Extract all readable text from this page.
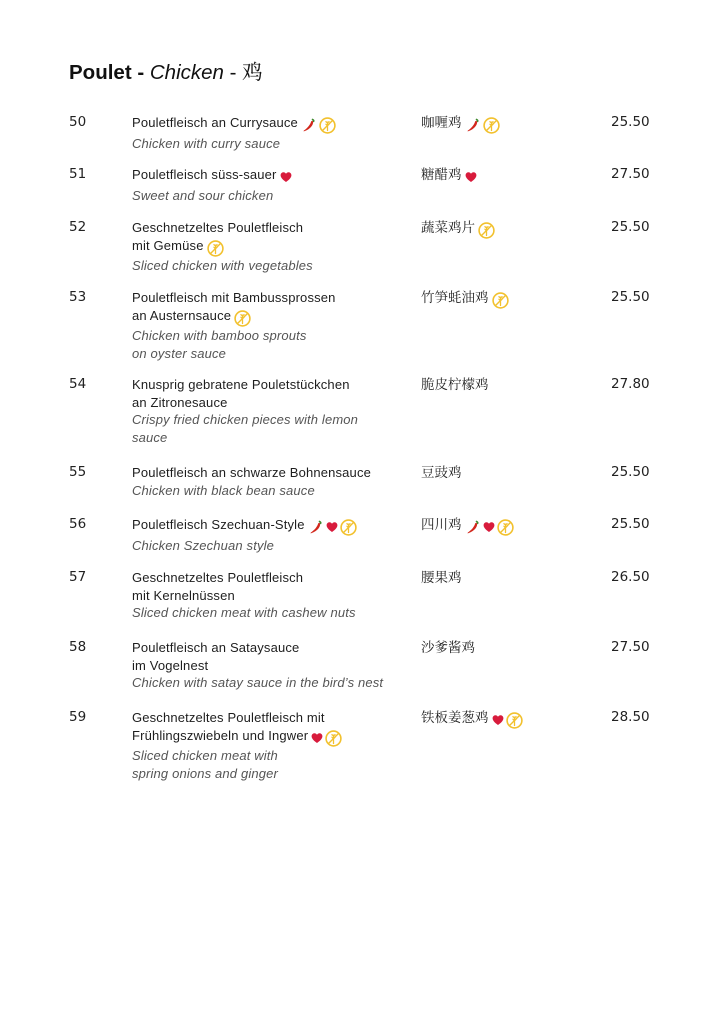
Poulet - Chicken - 鸡
50	Pouletfleisch an Currysauce
Chicken with curry sauce
咖喱鸡	25.50
51	Pouletfleisch süss-sauer
Sweet and sour chicken
糖醋鸡	27.50
52	Geschnetzeltes Pouletfleisch
mit Gemüse
Sliced chicken with vegetables
蔬菜鸡片	25.50
53	Pouletfleisch mit Bambussprossen
an Austernsauce
Chicken with bamboo sprouts
on oyster sauce
竹笋蚝油鸡	25.50
54	Knusprig gebratene Pouletstückchen
an Zitronesauce
Crispy fried chicken pieces with lemon
sauce
脆皮柠檬鸡	27.80
55	Pouletfleisch an schwarze Bohnensauce
Chicken with black bean sauce
豆豉鸡	25.50
56	Pouletfleisch Szechuan-Style
Chicken Szechuan style
四川鸡	25.50
57	Geschnetzeltes Pouletfleisch
mit Kernelnüssen
Sliced chicken meat with cashew nuts
腰果鸡	26.50
58	Pouletfleisch an Sataysauce
im Vogelnest
Chicken with satay sauce in the bird’s nest
沙爹酱鸡	27.50
59	Geschnetzeltes Pouletfleisch mit
Frühlingszwiebeln und Ingwer
Sliced chicken meat with
spring onions and ginger
铁板姜葱鸡	28.50
